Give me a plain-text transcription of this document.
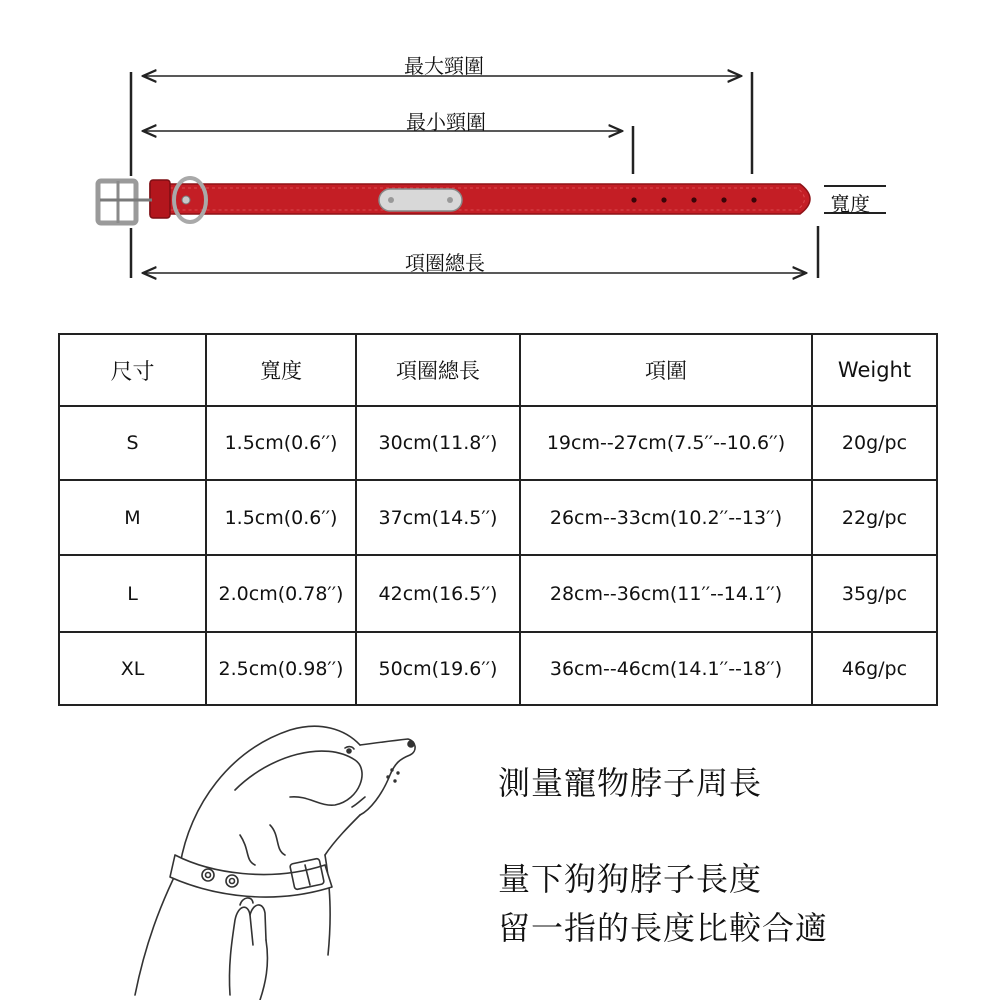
最大頸圍
最小頸圍
寬度
項圈總長
尺寸	寬度	項圈總長	項圍	Weight
S	1.5cm(0.6′′)	30cm(11.8′′)	19cm--27cm(7.5′′--10.6′′)	20g/pc
M	1.5cm(0.6′′)	37cm(14.5′′)	26cm--33cm(10.2′′--13′′)	22g/pc
L	2.0cm(0.78′′)	42cm(16.5′′)	28cm--36cm(11′′--14.1′′)	35g/pc
XL	2.5cm(0.98′′)	50cm(19.6′′)	36cm--46cm(14.1′′--18′′)	46g/pc
測量寵物脖子周長
量下狗狗脖子長度
留一指的長度比較合適
